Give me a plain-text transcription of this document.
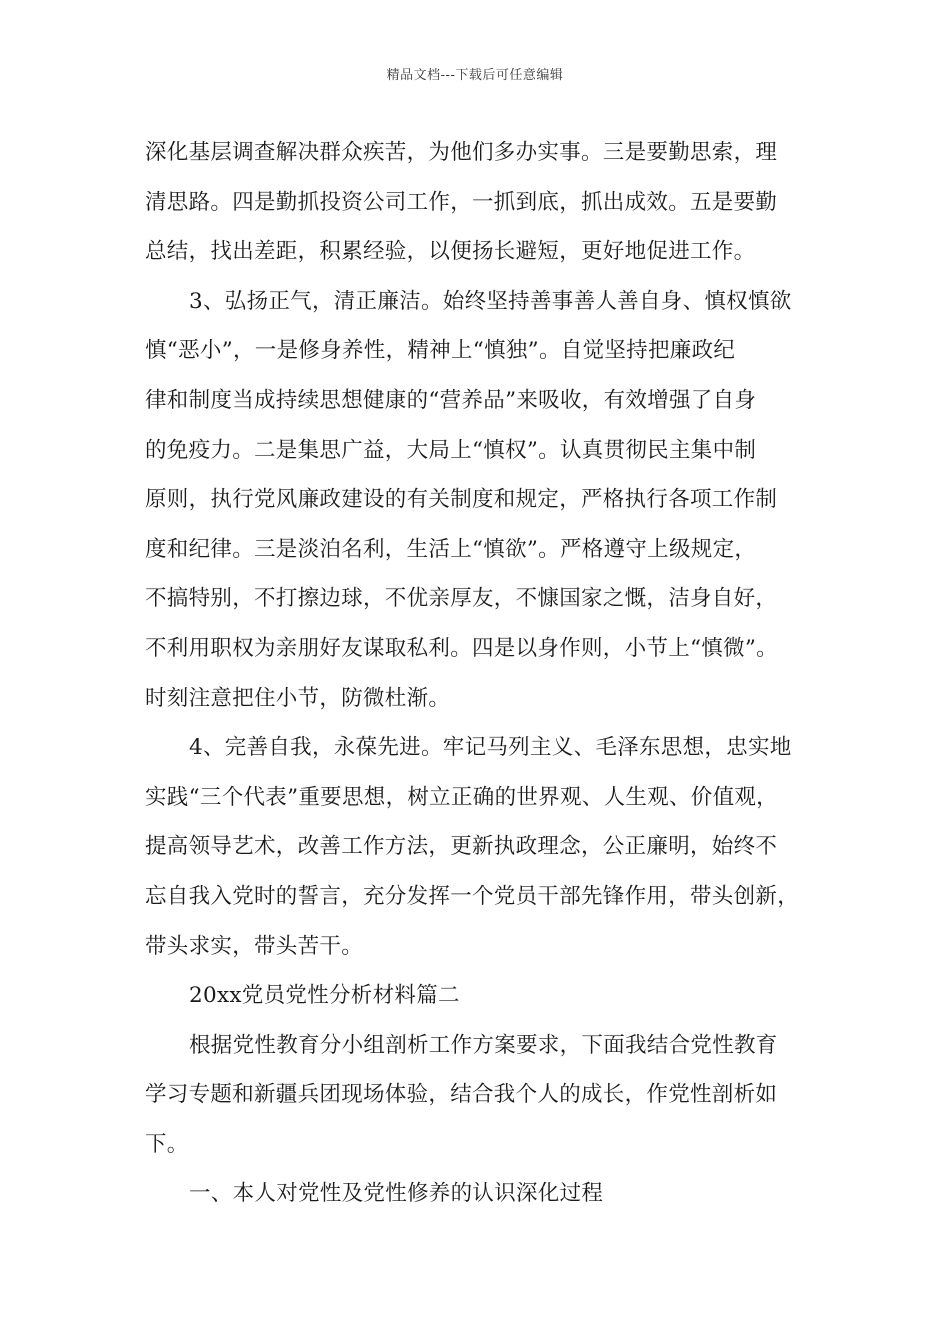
精品文档---下载后可任意编辑
深化基层调查解决群众疾苦，为他们多办实事。三是要勤思索，理
清思路。四是勤抓投资公司工作，一抓到底，抓出成效。五是要勤
总结，找出差距，积累经验，以便扬长避短，更好地促进工作。
3、弘扬正气，清正廉洁。始终坚持善事善人善自身、慎权慎欲
慎“恶小”，一是修身养性，精神上“慎独”。自觉坚持把廉政纪
律和制度当成持续思想健康的“营养品”来吸收，有效增强了自身
的免疫力。二是集思广益，大局上“慎权”。认真贯彻民主集中制
原则，执行党风廉政建设的有关制度和规定，严格执行各项工作制
度和纪律。三是淡泊名利，生活上“慎欲”。严格遵守上级规定，
不搞特别，不打擦边球，不优亲厚友，不慷国家之慨，洁身自好，
不利用职权为亲朋好友谋取私利。四是以身作则，小节上“慎微”。
时刻注意把住小节，防微杜渐。
4、完善自我，永葆先进。牢记马列主义、毛泽东思想，忠实地
实践“三个代表”重要思想，树立正确的世界观、人生观、价值观，
提高领导艺术，改善工作方法，更新执政理念，公正廉明，始终不
忘自我入党时的誓言，充分发挥一个党员干部先锋作用，带头创新，
带头求实，带头苦干。
20xx党员党性分析材料篇二
根据党性教育分小组剖析工作方案要求，下面我结合党性教育
学习专题和新疆兵团现场体验，结合我个人的成长，作党性剖析如
下。
一、本人对党性及党性修养的认识深化过程
